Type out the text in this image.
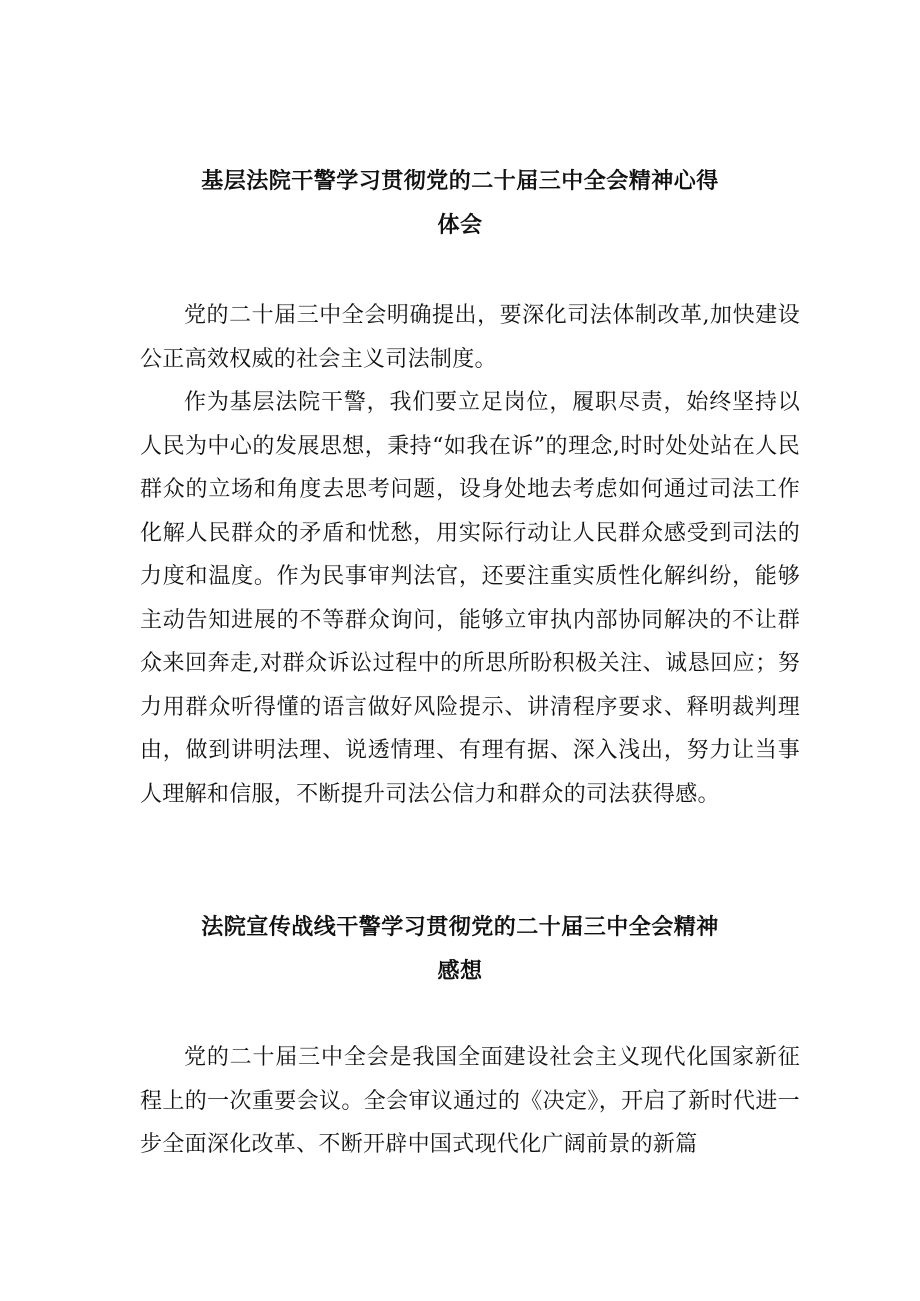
基层法院干警学习贯彻党的二十届三中全会精神心得
体会

党的二十届三中全会明确提出，要深化司法体制改革,加快建设公正高效权威的社会主义司法制度。

作为基层法院干警，我们要立足岗位，履职尽责，始终坚持以人民为中心的发展思想，秉持“如我在诉”的理念,时时处处站在人民群众的立场和角度去思考问题，设身处地去考虑如何通过司法工作化解人民群众的矛盾和忧愁，用实际行动让人民群众感受到司法的力度和温度。作为民事审判法官，还要注重实质性化解纠纷，能够主动告知进展的不等群众询问，能够立审执内部协同解决的不让群众来回奔走,对群众诉讼过程中的所思所盼积极关注、诚恳回应；努力用群众听得懂的语言做好风险提示、讲清程序要求、释明裁判理由，做到讲明法理、说透情理、有理有据、深入浅出，努力让当事人理解和信服，不断提升司法公信力和群众的司法获得感。

法院宣传战线干警学习贯彻党的二十届三中全会精神
感想

党的二十届三中全会是我国全面建设社会主义现代化国家新征程上的一次重要会议。全会审议通过的《决定》，开启了新时代进一步全面深化改革、不断开辟中国式现代化广阔前景的新篇
